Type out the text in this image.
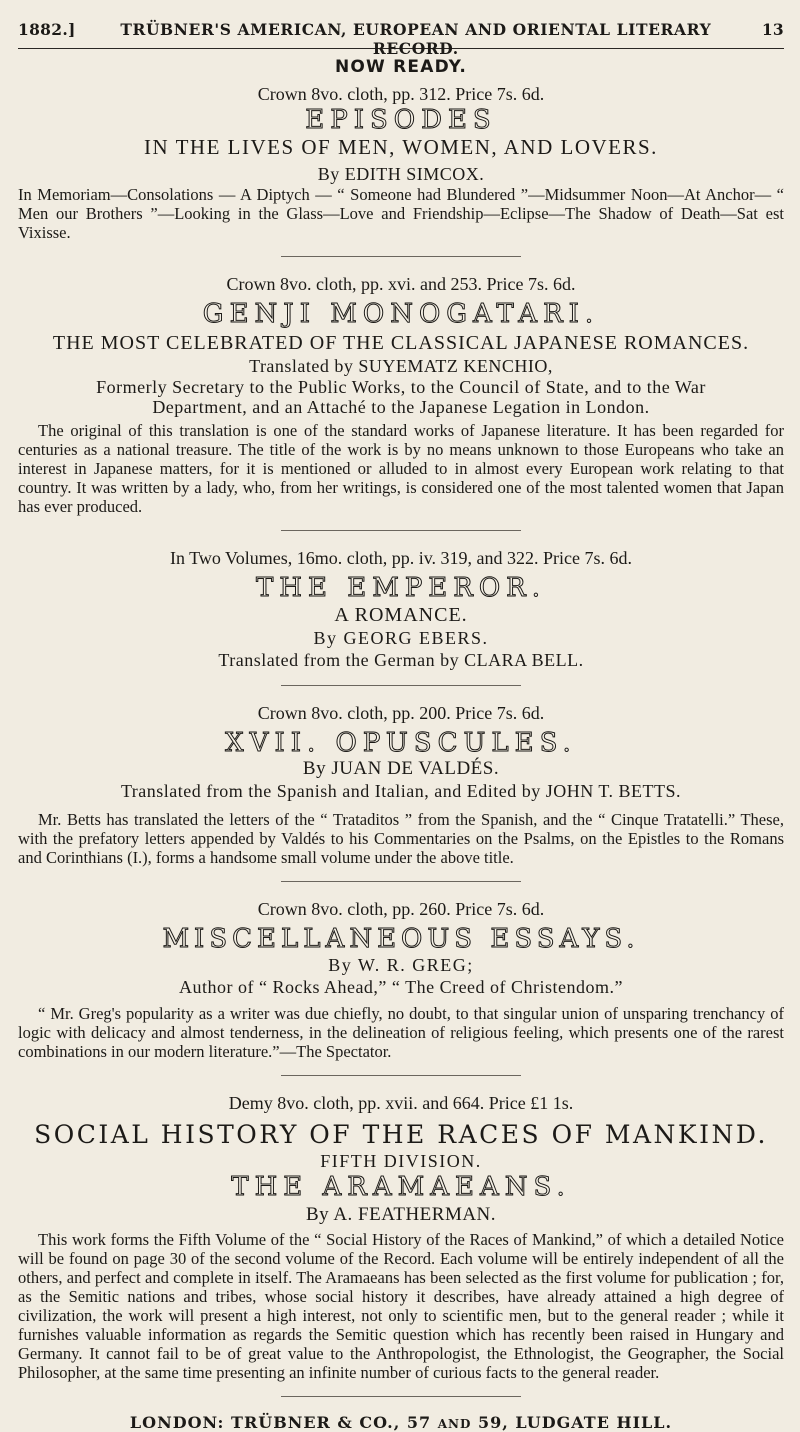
1882.]	TRÜBNER'S AMERICAN, EUROPEAN AND ORIENTAL LITERARY RECORD.
13
NOW READY.
Crown 8vo. cloth, pp. 312. Price 7s. 6d.
EPISODES
IN THE LIVES OF MEN, WOMEN, AND LOVERS.
By EDITH SIMCOX.

In Memoriam—Consolations — A Diptych — “ Someone had Blundered ”—Midsummer Noon—At Anchor— “ Men our Brothers ”—Looking in the Glass—Love and Friendship—Eclipse—The Shadow of Death—Sat est Vixisse.

Crown 8vo. cloth, pp. xvi. and 253. Price 7s. 6d.
GENJI MONOGATARI.
THE MOST CELEBRATED OF THE CLASSICAL JAPANESE ROMANCES.
Translated by SUYEMATZ KENCHIO,
Formerly Secretary to the Public Works, to the Council of State, and to the War Department, and an Attaché to the Japanese Legation in London.

The original of this translation is one of the standard works of Japanese literature. It has been regarded for centuries as a national treasure. The title of the work is by no means unknown to those Europeans who take an interest in Japanese matters, for it is mentioned or alluded to in almost every European work relating to that country. It was written by a lady, who, from her writings, is considered one of the most talented women that Japan has ever produced.

In Two Volumes, 16mo. cloth, pp. iv. 319, and 322. Price 7s. 6d.
THE EMPEROR.
A ROMANCE.
By GEORG EBERS.
Translated from the German by CLARA BELL.
Crown 8vo. cloth, pp. 200. Price 7s. 6d.
XVII. OPUSCULES.
By JUAN DE VALDÉS.
Translated from the Spanish and Italian, and Edited by JOHN T. BETTS.

Mr. Betts has translated the letters of the “ Trataditos ” from the Spanish, and the “ Cinque Tratatelli.” These, with the prefatory letters appended by Valdés to his Commentaries on the Psalms, on the Epistles to the Romans and Corinthians (I.), forms a handsome small volume under the above title.

Crown 8vo. cloth, pp. 260. Price 7s. 6d.
MISCELLANEOUS ESSAYS.
By W. R. GREG;
Author of “ Rocks Ahead,” “ The Creed of Christendom.”

“ Mr. Greg's popularity as a writer was due chiefly, no doubt, to that singular union of unsparing trenchancy of logic with delicacy and almost tenderness, in the delineation of religious feeling, which presents one of the rarest combinations in our modern literature.”—The Spectator.

Demy 8vo. cloth, pp. xvii. and 664. Price £1 1s.
SOCIAL HISTORY OF THE RACES OF MANKIND.
FIFTH DIVISION.
THE ARAMAEANS.
By A. FEATHERMAN.

This work forms the Fifth Volume of the “ Social History of the Races of Mankind,” of which a detailed Notice will be found on page 30 of the second volume of the Record. Each volume will be entirely independent of all the others, and perfect and complete in itself. The Aramaeans has been selected as the first volume for publication ; for, as the Semitic nations and tribes, whose social history it describes, have already attained a high degree of civilization, the work will present a high interest, not only to scientific men, but to the general reader ; while it furnishes valuable information as regards the Semitic question which has recently been raised in Hungary and Germany. It cannot fail to be of great value to the Anthropologist, the Ethnologist, the Geographer, the Social Philosopher, at the same time presenting an infinite number of curious facts to the general reader.

LONDON: TRÜBNER & CO., 57 AND 59, LUDGATE HILL.
